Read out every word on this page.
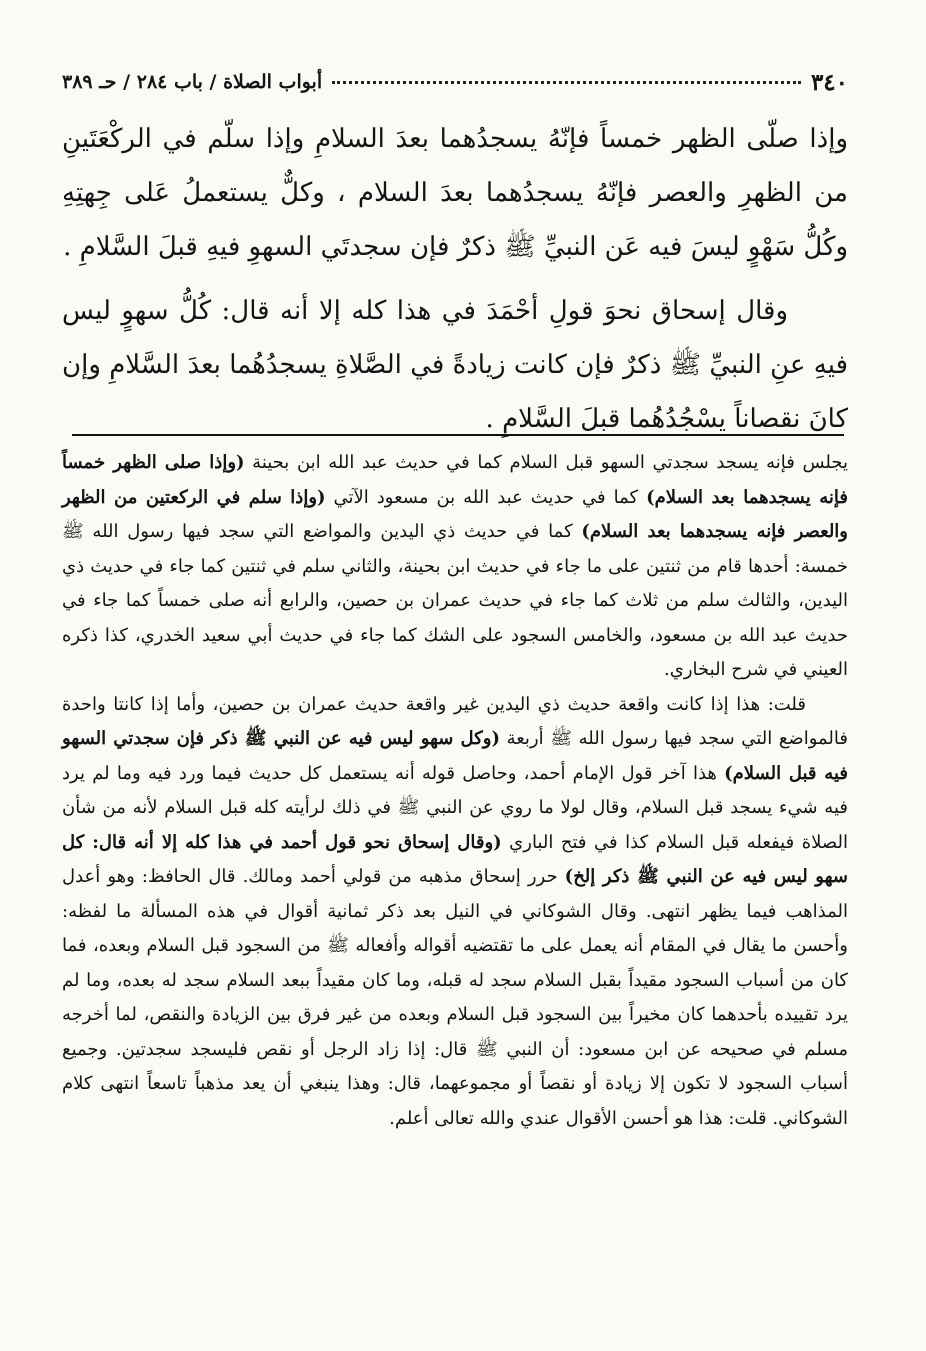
٣٤٠
أبواب الصلاة / باب ٢٨٤ / حـ ٣٨٩

وإذا صلّى الظهر خمساً فإنّهُ يسجدُهما بعدَ السلامِ وإذا سلّم في الركْعَتَينِ من الظهرِ والعصر فإنّهُ يسجدُهما بعدَ السلام ، وكلٌّ يستعملُ عَلى جِهتِهِ وكُلُّ سَهْوٍ ليسَ فيه عَن النبيِّ ﷺ ذكرٌ فإن سجدتَي السهوِ فيهِ قبلَ السَّلامِ .

وقال إسحاق نحوَ قولِ أحْمَدَ في هذا كله إلا أنه قال: كُلُّ سهوٍ ليس فيهِ عنِ النبيِّ ﷺ ذكرٌ فإن كانت زيادةً في الصَّلاةِ يسجدُهُما بعدَ السَّلامِ وإن كانَ نقصاناً يسْجُدُهُما قبلَ السَّلامِ .

يجلس فإنه يسجد سجدتي السهو قبل السلام كما في حديث عبد الله ابن بحينة (وإذا صلى الظهر خمساً فإنه يسجدهما بعد السلام) كما في حديث عبد الله بن مسعود الآتي (وإذا سلم في الركعتين من الظهر والعصر فإنه يسجدهما بعد السلام) كما في حديث ذي اليدين والمواضع التي سجد فيها رسول الله ﷺ خمسة: أحدها قام من ثنتين على ما جاء في حديث ابن بحينة، والثاني سلم في ثنتين كما جاء في حديث ذي اليدين، والثالث سلم من ثلاث كما جاء في حديث عمران بن حصين، والرابع أنه صلى خمساً كما جاء في حديث عبد الله بن مسعود، والخامس السجود على الشك كما جاء في حديث أبي سعيد الخدري، كذا ذكره العيني في شرح البخاري.

قلت: هذا إذا كانت واقعة حديث ذي اليدين غير واقعة حديث عمران بن حصين، وأما إذا كانتا واحدة فالمواضع التي سجد فيها رسول الله ﷺ أربعة (وكل سهو ليس فيه عن النبي ﷺ ذكر فإن سجدتي السهو فيه قبل السلام) هذا آخر قول الإمام أحمد، وحاصل قوله أنه يستعمل كل حديث فيما ورد فيه وما لم يرد فيه شيء يسجد قبل السلام، وقال لولا ما روي عن النبي ﷺ في ذلك لرأيته كله قبل السلام لأنه من شأن الصلاة فيفعله قبل السلام كذا في فتح الباري (وقال إسحاق نحو قول أحمد في هذا كله إلا أنه قال: كل سهو ليس فيه عن النبي ﷺ ذكر إلخ) حرر إسحاق مذهبه من قولي أحمد ومالك. قال الحافظ: وهو أعدل المذاهب فيما يظهر انتهى. وقال الشوكاني في النيل بعد ذكر ثمانية أقوال في هذه المسألة ما لفظه: وأحسن ما يقال في المقام أنه يعمل على ما تقتضيه أقواله وأفعاله ﷺ من السجود قبل السلام وبعده، فما كان من أسباب السجود مقيداً بقبل السلام سجد له قبله، وما كان مقيداً ببعد السلام سجد له بعده، وما لم يرد تقييده بأحدهما كان مخيراً بين السجود قبل السلام وبعده من غير فرق بين الزيادة والنقص، لما أخرجه مسلم في صحيحه عن ابن مسعود: أن النبي ﷺ قال: إذا زاد الرجل أو نقص فليسجد سجدتين. وجميع أسباب السجود لا تكون إلا زيادة أو نقصاً أو مجموعهما، قال: وهذا ينبغي أن يعد مذهباً تاسعاً انتهى كلام الشوكاني. قلت: هذا هو أحسن الأقوال عندي والله تعالى أعلم.
